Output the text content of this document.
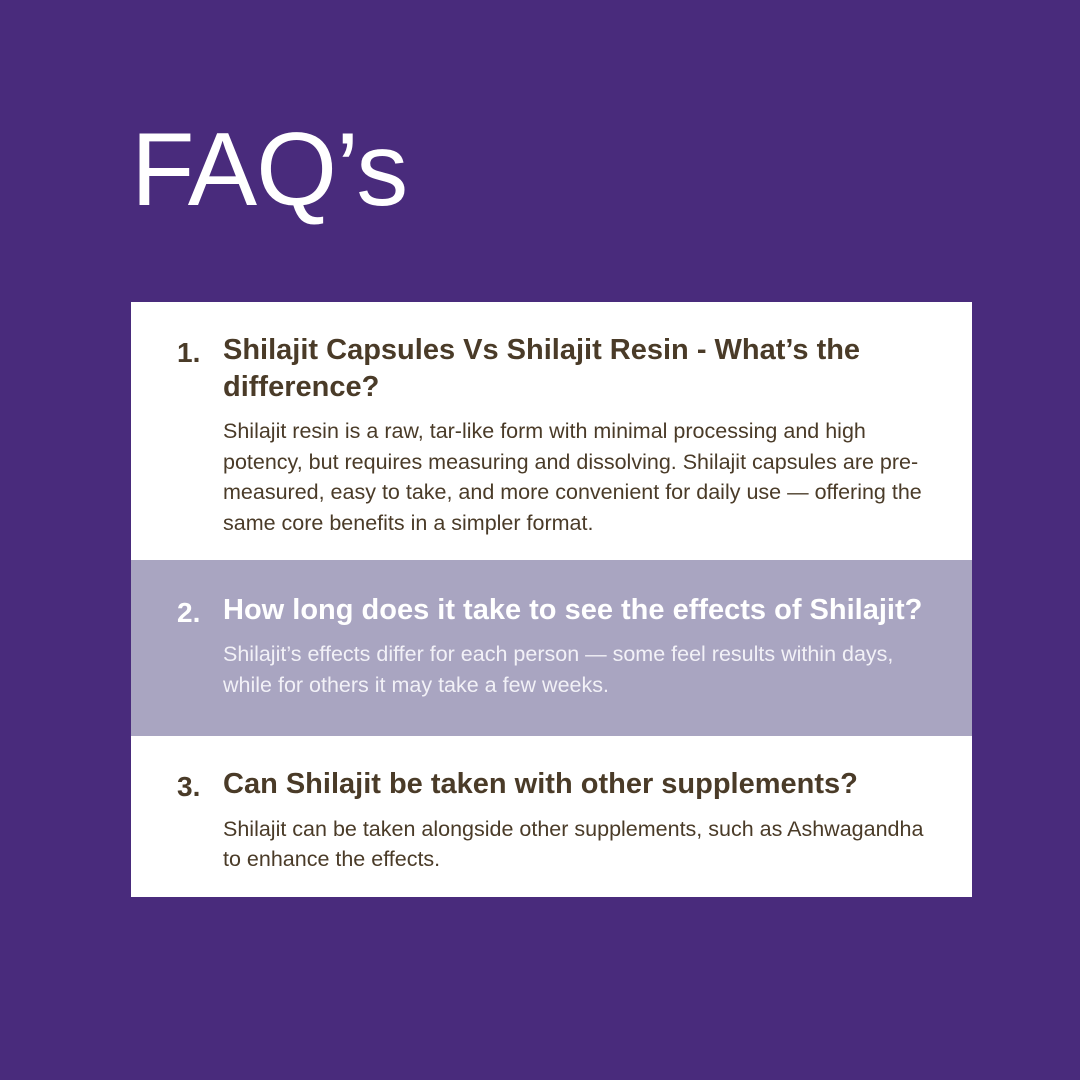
FAQ’s
1. Shilajit Capsules Vs Shilajit Resin - What’s the difference?

Shilajit resin is a raw, tar-like form with minimal processing and high potency, but requires measuring and dissolving. Shilajit capsules are pre-measured, easy to take, and more convenient for daily use — offering the same core benefits in a simpler format.

2. How long does it take to see the effects of Shilajit?

Shilajit’s effects differ for each person — some feel results within days, while for others it may take a few weeks.

3. Can Shilajit be taken with other supplements?

Shilajit can be taken alongside other supplements, such as Ashwagandha to enhance the effects.
